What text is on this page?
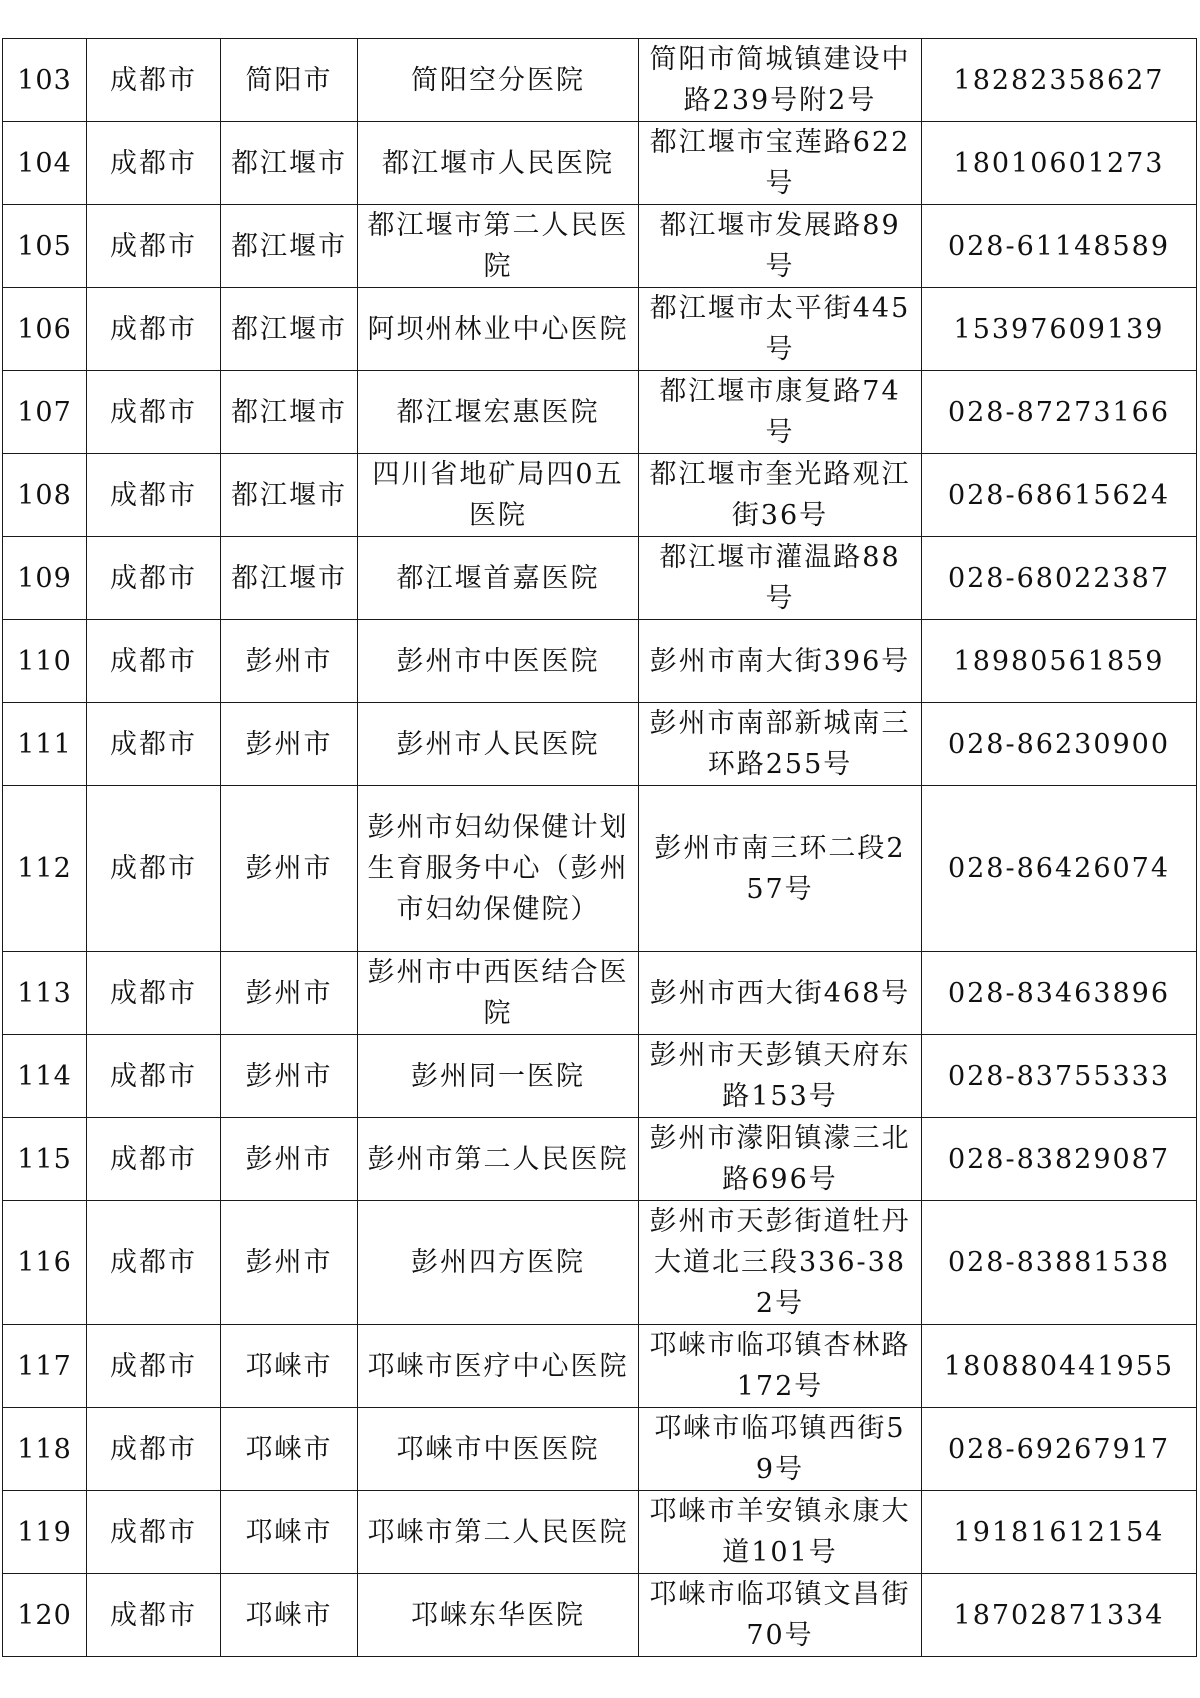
103	成都市	简阳市	简阳空分医院	简阳市简城镇建设中路239号附2号	18282358627
104	成都市	都江堰市	都江堰市人民医院	都江堰市宝莲路622号	18010601273
105	成都市	都江堰市	都江堰市第二人民医院	都江堰市发展路89号	028-61148589
106	成都市	都江堰市	阿坝州林业中心医院	都江堰市太平街445号	15397609139
107	成都市	都江堰市	都江堰宏惠医院	都江堰市康复路74号	028-87273166
108	成都市	都江堰市	四川省地矿局四0五医院	都江堰市奎光路观江街36号	028-68615624
109	成都市	都江堰市	都江堰首嘉医院	都江堰市灌温路88号	028-68022387
110	成都市	彭州市	彭州市中医医院	彭州市南大街396号	18980561859
111	成都市	彭州市	彭州市人民医院	彭州市南部新城南三环路255号	028-86230900
112	成都市	彭州市	彭州市妇幼保健计划生育服务中心（彭州市妇幼保健院）	彭州市南三环二段257号	028-86426074
113	成都市	彭州市	彭州市中西医结合医院	彭州市西大街468号	028-83463896
114	成都市	彭州市	彭州同一医院	彭州市天彭镇天府东路153号	028-83755333
115	成都市	彭州市	彭州市第二人民医院	彭州市濛阳镇濛三北路696号	028-83829087
116	成都市	彭州市	彭州四方医院	彭州市天彭街道牡丹大道北三段336-382号	028-83881538
117	成都市	邛崃市	邛崃市医疗中心医院	邛崃市临邛镇杏林路172号	180880441955
118	成都市	邛崃市	邛崃市中医医院	邛崃市临邛镇西街59号	028-69267917
119	成都市	邛崃市	邛崃市第二人民医院	邛崃市羊安镇永康大道101号	19181612154
120	成都市	邛崃市	邛崃东华医院	邛崃市临邛镇文昌街70号	18702871334
